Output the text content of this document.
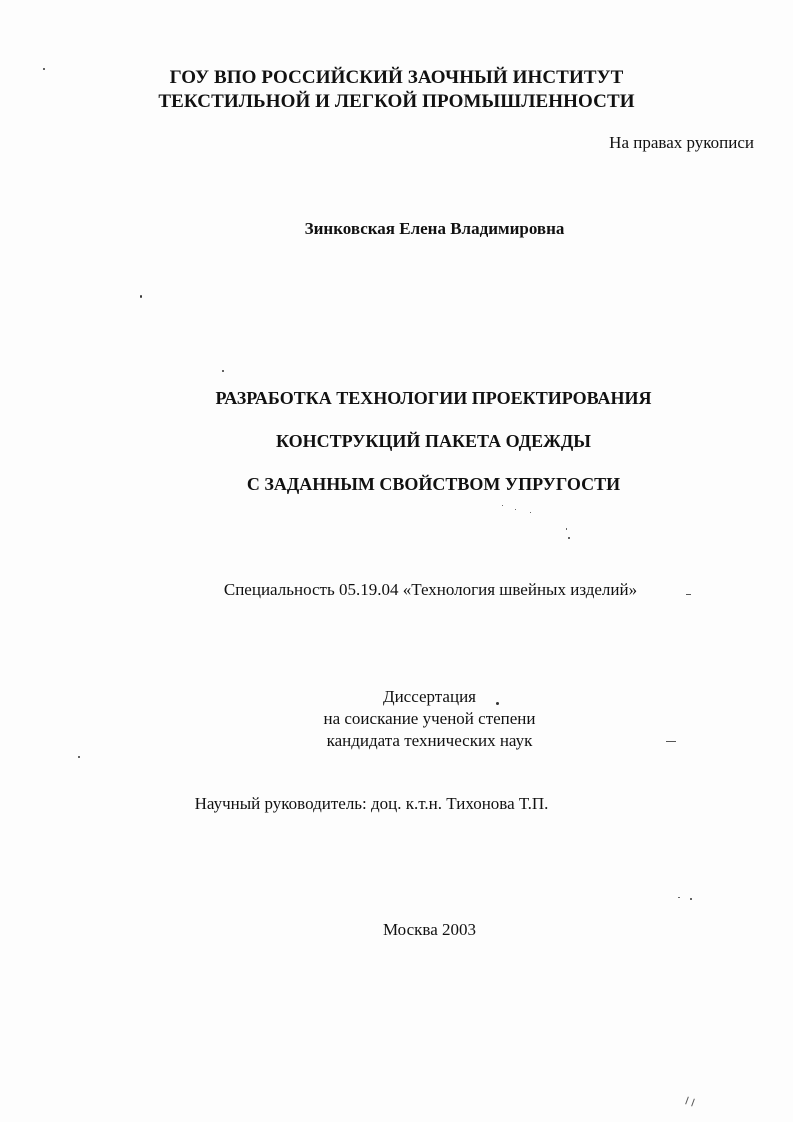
ГОУ ВПО РОССИЙСКИЙ ЗАОЧНЫЙ ИНСТИТУТ
ТЕКСТИЛЬНОЙ И ЛЕГКОЙ ПРОМЫШЛЕННОСТИ
На правах рукописи
Зинковская Елена Владимировна
РАЗРАБОТКА ТЕХНОЛОГИИ ПРОЕКТИРОВАНИЯ
КОНСТРУКЦИЙ ПАКЕТА ОДЕЖДЫ
С ЗАДАННЫМ СВОЙСТВОМ УПРУГОСТИ
Специальность 05.19.04 «Технология швейных изделий»
Диссертация
на соискание ученой степени
кандидата технических наук
Научный руководитель: доц. к.т.н. Тихонова Т.П.
Москва 2003
